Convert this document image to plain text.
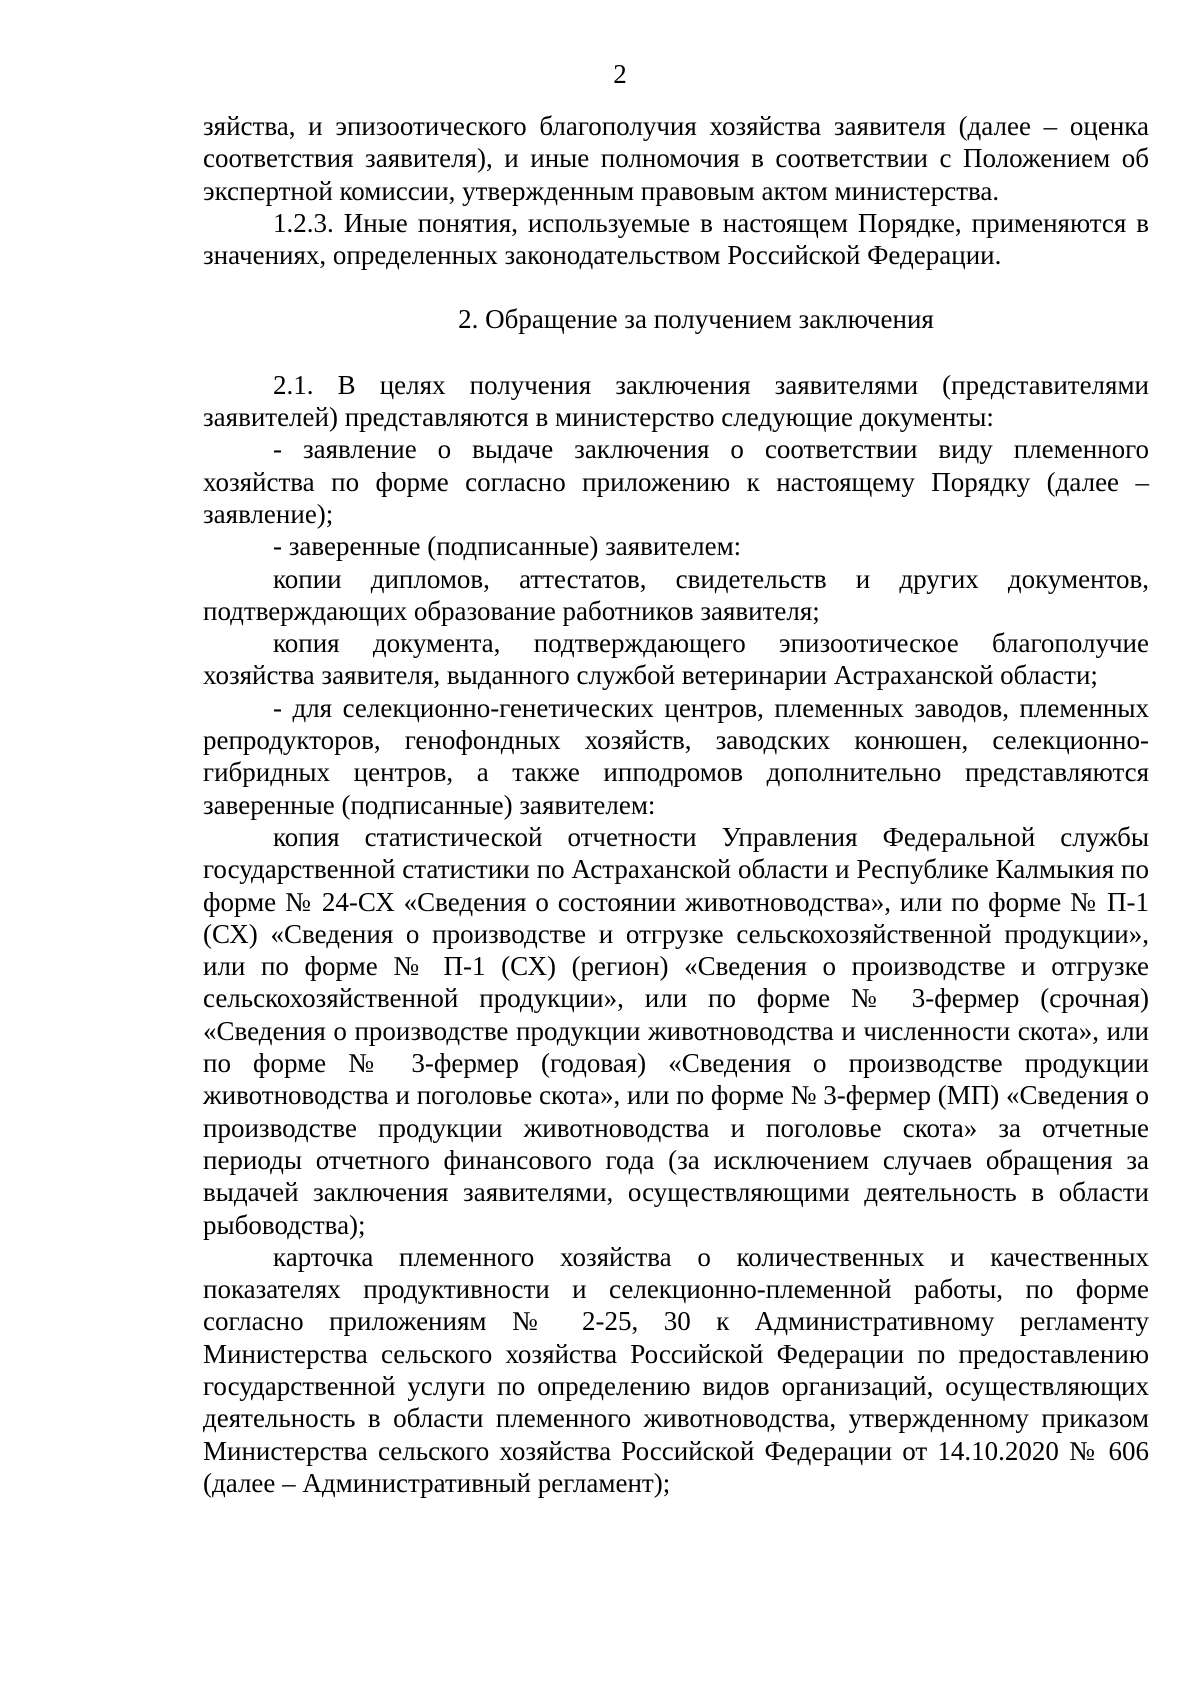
2

зяйства, и эпизоотического благополучия хозяйства заявителя (далее – оценка соответствия заявителя), и иные полномочия в соответствии с Положением об экспертной комиссии, утвержденным правовым актом министерства.

1.2.3. Иные понятия, используемые в настоящем Порядке, применяются в значениях, определенных законодательством Российской Федерации.

2. Обращение за получением заключения

2.1. В целях получения заключения заявителями (представителями заявителей) представляются в министерство следующие документы:

- заявление о выдаче заключения о соответствии виду племенного хозяйства по форме согласно приложению к настоящему Порядку (далее – заявление);

- заверенные (подписанные) заявителем:

копии дипломов, аттестатов, свидетельств и других документов, подтверждающих образование работников заявителя;

копия документа, подтверждающего эпизоотическое благополучие хозяйства заявителя, выданного службой ветеринарии Астраханской области;

- для селекционно-генетических центров, племенных заводов, племенных репродукторов, генофондных хозяйств, заводских конюшен, селекционно-гибридных центров, а также ипподромов дополнительно представляются заверенные (подписанные) заявителем:

копия статистической отчетности Управления Федеральной службы государственной статистики по Астраханской области и Республике Калмыкия по форме № 24-СХ «Сведения о состоянии животноводства», или по форме № П-1 (СХ) «Сведения о производстве и отгрузке сельскохозяйственной продукции», или по форме № П-1 (СХ) (регион) «Сведения о производстве и отгрузке сельскохозяйственной продукции», или по форме № 3-фермер (срочная) «Сведения о производстве продукции животноводства и численности скота», или по форме № 3-фермер (годовая) «Сведения о производстве продукции животноводства и поголовье скота», или по форме № 3-фермер (МП) «Сведения о производстве продукции животноводства и поголовье скота» за отчетные периоды отчетного финансового года (за исключением случаев обращения за выдачей заключения заявителями, осуществляющими деятельность в области рыбоводства);

карточка племенного хозяйства о количественных и качественных показателях продуктивности и селекционно-племенной работы, по форме согласно приложениям № 2-25, 30 к Административному регламенту Министерства сельского хозяйства Российской Федерации по предоставлению государственной услуги по определению видов организаций, осуществляющих деятельность в области племенного животноводства, утвержденному приказом Министерства сельского хозяйства Российской Федерации от 14.10.2020 № 606 (далее – Административный регламент);
